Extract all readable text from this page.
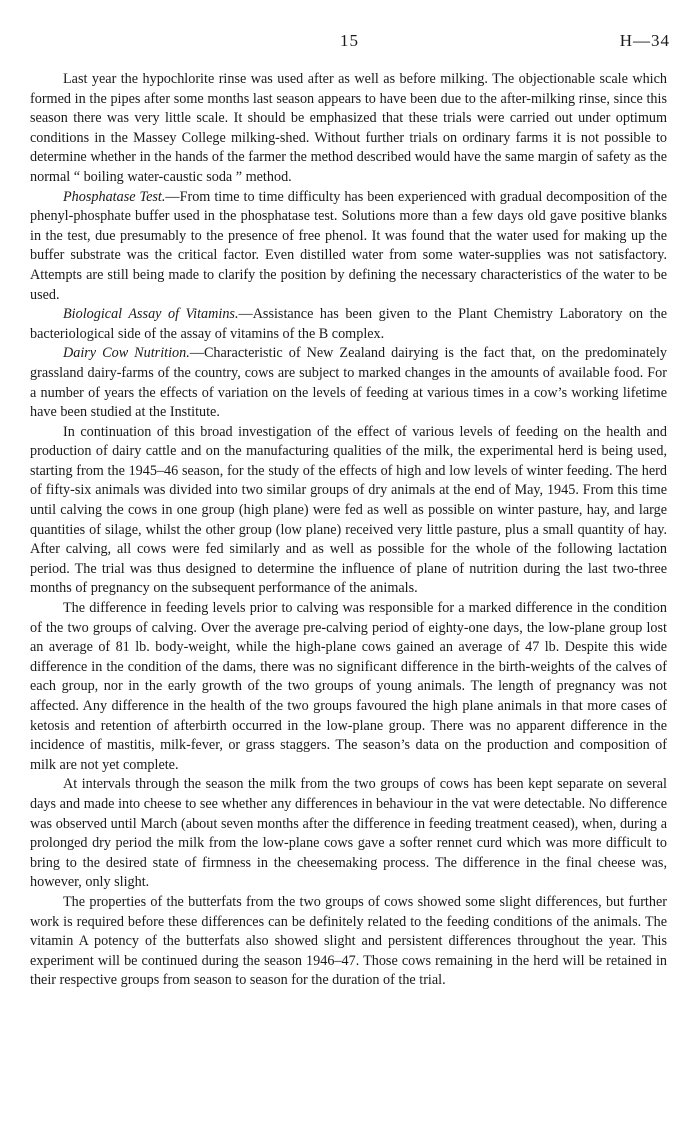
15	H—34

Last year the hypochlorite rinse was used after as well as before milking. The objectionable scale which formed in the pipes after some months last season appears to have been due to the after-milking rinse, since this season there was very little scale. It should be emphasized that these trials were carried out under optimum conditions in the Massey College milking-shed. Without further trials on ordinary farms it is not possible to determine whether in the hands of the farmer the method described would have the same margin of safety as the normal “ boiling water-caustic soda ” method.

Phosphatase Test.—From time to time difficulty has been experienced with gradual decomposition of the phenyl-phosphate buffer used in the phosphatase test. Solutions more than a few days old gave positive blanks in the test, due presumably to the presence of free phenol. It was found that the water used for making up the buffer substrate was the critical factor. Even distilled water from some water-supplies was not satisfactory. Attempts are still being made to clarify the position by defining the necessary characteristics of the water to be used.

Biological Assay of Vitamins.—Assistance has been given to the Plant Chemistry Laboratory on the bacteriological side of the assay of vitamins of the B complex.

Dairy Cow Nutrition.—Characteristic of New Zealand dairying is the fact that, on the predominately grassland dairy-farms of the country, cows are subject to marked changes in the amounts of available food. For a number of years the effects of variation on the levels of feeding at various times in a cow’s working lifetime have been studied at the Institute.

In continuation of this broad investigation of the effect of various levels of feeding on the health and production of dairy cattle and on the manufacturing qualities of the milk, the experimental herd is being used, starting from the 1945–46 season, for the study of the effects of high and low levels of winter feeding. The herd of fifty-six animals was divided into two similar groups of dry animals at the end of May, 1945. From this time until calving the cows in one group (high plane) were fed as well as possible on winter pasture, hay, and large quantities of silage, whilst the other group (low plane) received very little pasture, plus a small quantity of hay. After calving, all cows were fed similarly and as well as possible for the whole of the following lactation period. The trial was thus designed to determine the influence of plane of nutrition during the last two-three months of pregnancy on the subsequent performance of the animals.

The difference in feeding levels prior to calving was responsible for a marked difference in the condition of the two groups of calving. Over the average pre-calving period of eighty-one days, the low-plane group lost an average of 81 lb. body-weight, while the high-plane cows gained an average of 47 lb. Despite this wide difference in the condition of the dams, there was no significant difference in the birth-weights of the calves of each group, nor in the early growth of the two groups of young animals. The length of pregnancy was not affected. Any difference in the health of the two groups favoured the high plane animals in that more cases of ketosis and retention of afterbirth occurred in the low-plane group. There was no apparent difference in the incidence of mastitis, milk-fever, or grass staggers. The season’s data on the production and composition of milk are not yet complete.

At intervals through the season the milk from the two groups of cows has been kept separate on several days and made into cheese to see whether any differences in behaviour in the vat were detectable. No difference was observed until March (about seven months after the difference in feeding treatment ceased), when, during a prolonged dry period the milk from the low-plane cows gave a softer rennet curd which was more difficult to bring to the desired state of firmness in the cheesemaking process. The difference in the final cheese was, however, only slight.

The properties of the butterfats from the two groups of cows showed some slight differences, but further work is required before these differences can be definitely related to the feeding conditions of the animals. The vitamin A potency of the butterfats also showed slight and persistent differences throughout the year. This experiment will be continued during the season 1946–47. Those cows remaining in the herd will be retained in their respective groups from season to season for the duration of the trial.
